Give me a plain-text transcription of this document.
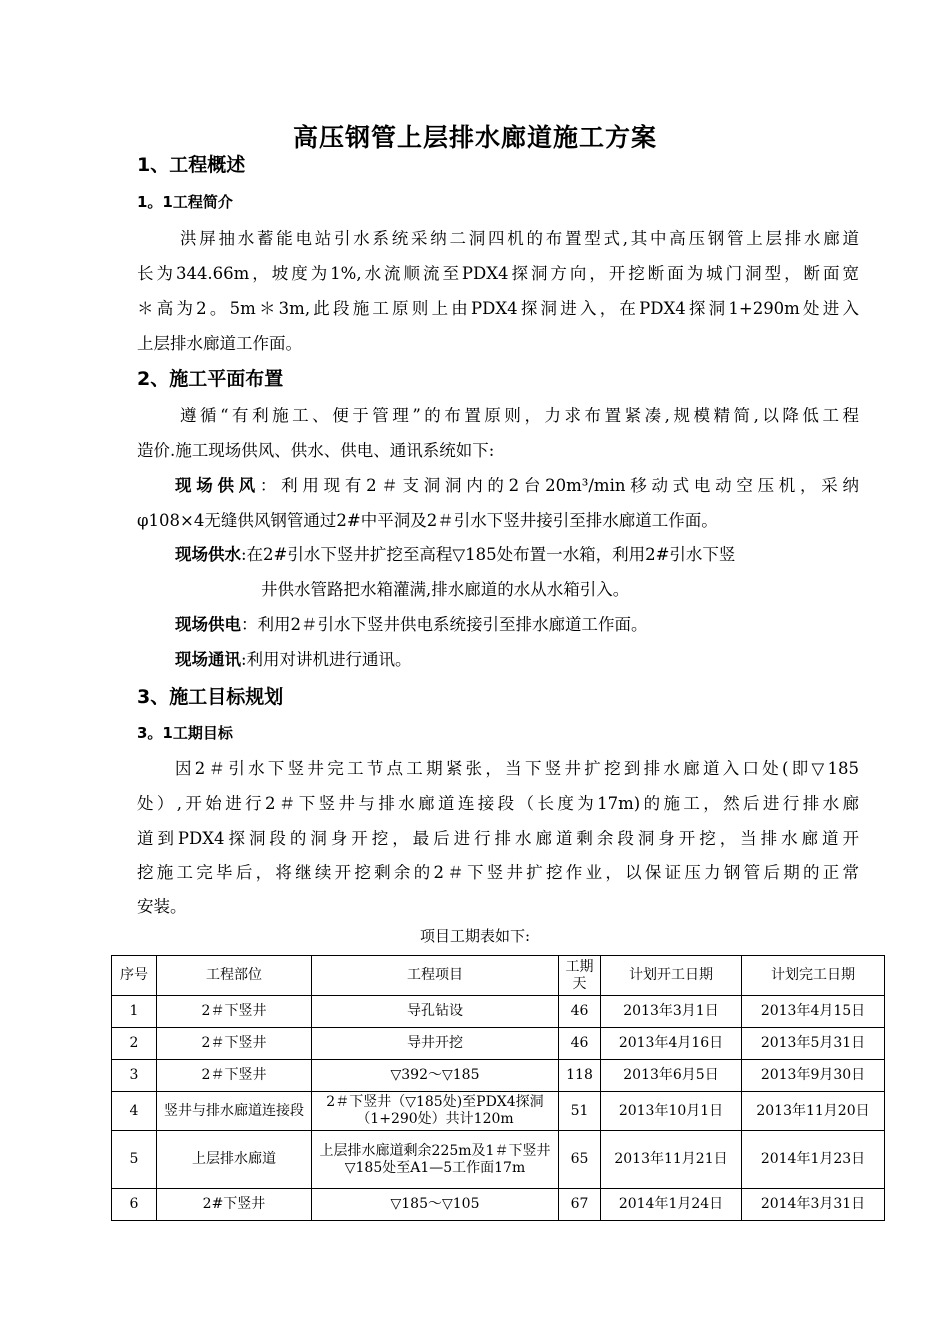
高压钢管上层排水廊道施工方案
1、工程概述
1。1工程简介
洪屏抽水蓄能电站引水系统采纳二洞四机的布置型式,其中高压钢管上层排水廊道
长为344.66m，坡度为1%,水流顺流至PDX4探洞方向，开挖断面为城门洞型，断面宽
＊高为2。5m＊3m,此段施工原则上由PDX4探洞进入，在PDX4探洞1+290m处进入
上层排水廊道工作面。
2、施工平面布置
遵循“有利施工、便于管理”的布置原则，力求布置紧凑,规模精简,以降低工程
造价.施工现场供风、供水、供电、通讯系统如下:
现场供风：利用现有2＃支洞洞内的2台20m³/min移动式电动空压机，采纳
φ108×4无缝供风钢管通过2#中平洞及2＃引水下竖井接引至排水廊道工作面。
现场供水:在2#引水下竖井扩挖至高程▽185处布置一水箱，利用2#引水下竖
井供水管路把水箱灌满,排水廊道的水从水箱引入。
现场供电：利用2＃引水下竖井供电系统接引至排水廊道工作面。
现场通讯:利用对讲机进行通讯。
3、施工目标规划
3。1工期目标
因2＃引水下竖井完工节点工期紧张，当下竖井扩挖到排水廊道入口处(即▽185
处）,开始进行2＃下竖井与排水廊道连接段（长度为17m)的施工，然后进行排水廊
道到PDX4探洞段的洞身开挖，最后进行排水廊道剩余段洞身开挖，当排水廊道开
挖施工完毕后，将继续开挖剩余的2＃下竖井扩挖作业，以保证压力钢管后期的正常
安装。
项目工期表如下:
序号	工程部位	工程项目	工期天	计划开工日期	计划完工日期
1	2＃下竖井	导孔钻设	46	2013年3月1日	2013年4月15日
2	2＃下竖井	导井开挖	46	2013年4月16日	2013年5月31日
3	2＃下竖井	▽392～▽185	118	2013年6月5日	2013年9月30日
4	竖井与排水廊道连接段	2＃下竖井（▽185处)至PDX4探洞（1+290处）共计120m	51	2013年10月1日	2013年11月20日
5	上层排水廊道	上层排水廊道剩余225m及1＃下竖井▽185处至A1—5工作面17m	65	2013年11月21日	2014年1月23日
6	2#下竖井	▽185～▽105	67	2014年1月24日	2014年3月31日
